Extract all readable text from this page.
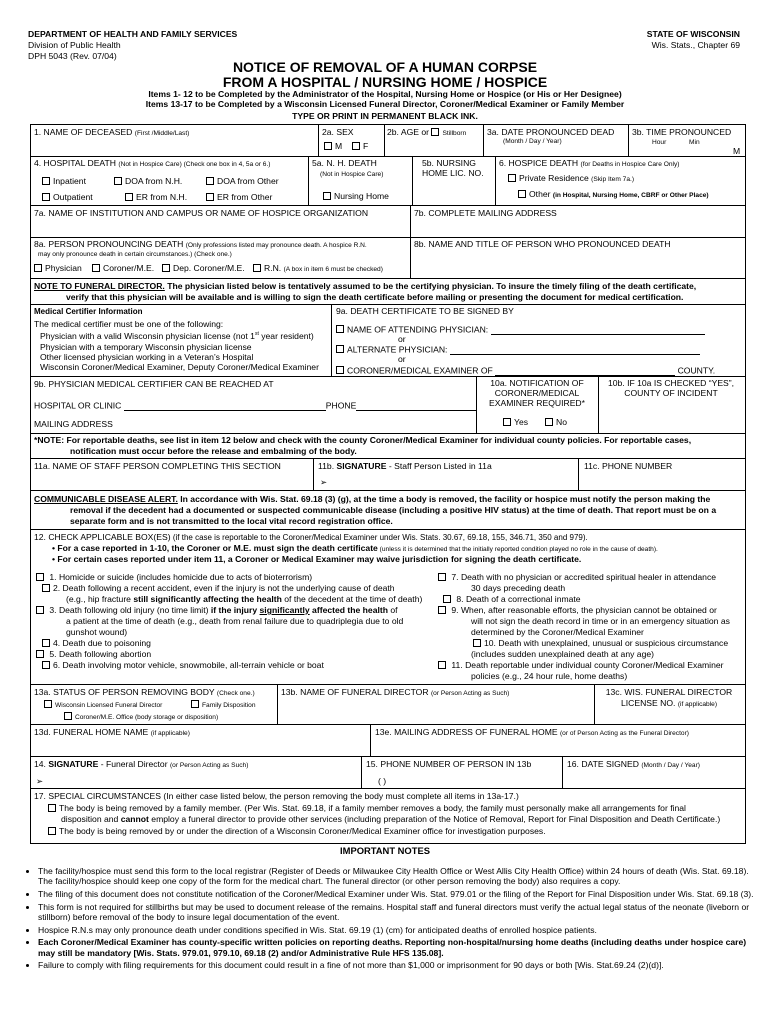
DEPARTMENT OF HEALTH AND FAMILY SERVICES
Division of Public Health
DPH 5043 (Rev. 07/04)
STATE OF WISCONSIN
Wis. Stats., Chapter 69
NOTICE OF REMOVAL OF A HUMAN CORPSE
FROM A HOSPITAL / NURSING HOME / HOSPICE
Items 1- 12 to be Completed by the Administrator of the Hospital, Nursing Home or Hospice (or His or Her Designee)
Items 13-17 to be Completed by a Wisconsin Licensed Funeral Director, Coroner/Medical Examiner or Family Member
TYPE OR PRINT IN PERMANENT BLACK INK.
1. NAME OF DECEASED (First /Middle/Last)	2a. SEX
M	F
2b. AGE or Stillborn 3a. DATE PRONOUNCED DEAD
(Month / Day / Year)
3b. TIME PRONOUNCED
Hour	Min
M
4. HOSPITAL DEATH (Not in Hospice Care) (Check one box in 4, 5a or 6.)
Inpatient	DOA from N.H.	DOA from Other
Outpatient	ER from N.H.	ER from Other
5a. N. H. DEATH
(Not in Hospice Care)
Nursing Home
5b. NURSING
HOME LIC. NO.
6. HOSPICE DEATH (for Deaths in Hospice Care Only)
Private Residence (Skip Item 7a.)
Other (in Hospital, Nursing Home, CBRF or Other Place)
7a. NAME OF INSTITUTION AND CAMPUS OR NAME OF HOSPICE ORGANIZATION	7b. COMPLETE MAILING ADDRESS
8a. PERSON PRONOUNCING DEATH (Only professions listed may pronounce death. A hospice R.N.
may only pronounce death in certain circumstances.) (Check one.)
Physician	Coroner/M.E.	Dep. Coroner/M.E.	R.N. (A box in item 6 must be checked)
8b. NAME AND TITLE OF PERSON WHO PRONOUNCED DEATH
NOTE TO FUNERAL DIRECTOR. The physician listed below is tentatively assumed to be the certifying physician. To insure the timely filing of the death certificate,
verify that this physician will be available and is willing to sign the death certificate before mailing or presenting the document for medical certification.
Medical Certifier Information
The medical certifier must be one of the following:
Physician with a valid Wisconsin physician license (not 1st year resident)
Physician with a temporary Wisconsin physician license
Other licensed physician working in a Veteran’s Hospital
Wisconsin Coroner/Medical Examiner, Deputy Coroner/Medical Examiner
9a. DEATH CERTIFICATE TO BE SIGNED BY
NAME OF ATTENDING PHYSICIAN:
or
ALTERNATE PHYSICIAN:
or
CORONER/MEDICAL EXAMINER OF	COUNTY.
9b. PHYSICIAN MEDICAL CERTIFIER CAN BE REACHED AT
HOSPITAL OR CLINIC	PHONE
MAILING ADDRESS
10a. NOTIFICATION OF
CORONER/MEDICAL
EXAMINER REQUIRED*
Yes	No
10b. IF 10a IS CHECKED “YES”,
COUNTY OF INCIDENT
*NOTE: For reportable deaths, see list in item 12 below and check with the county Coroner/Medical Examiner for individual county policies. For reportable cases,
notification must occur before the release and embalming of the body.
11a. NAME OF STAFF PERSON COMPLETING THIS SECTION	11b. SIGNATURE - Staff Person Listed in 11a
➢
11c. PHONE NUMBER
COMMUNICABLE DISEASE ALERT. In accordance with Wis. Stat. 69.18 (3) (g), at the time a body is removed, the facility or hospice must notify the person making the
removal if the decedent had a documented or suspected communicable disease (including a positive HIV status) at the time of death. That report must be on a
separate form and is not transmitted to the local vital record registration office.
12. CHECK APPLICABLE BOX(ES) (if the case is reportable to the Coroner/Medical Examiner under Wis. Stats. 30.67, 69.18, 155, 346.71, 350 and 979).
• For a case reported in 1-10, the Coroner or M.E. must sign the death certificate (unless it is determined that the initially reported condition played no role in the cause of death).
• For certain cases reported under item 11, a Coroner or Medical Examiner may waive jurisdiction for signing the death certificate.
1. Homicide or suicide (includes homicide due to acts of bioterrorism)
2. Death following a recent accident, even if the injury is not the underlying cause of death
(e.g., hip fracture still significantly affecting the health of the decedent at the time of death)
3. Death following old injury (no time limit) if the injury significantly affected the health of
a patient at the time of death (e.g., death from renal failure due to quadriplegia due to old
gunshot wound)
4. Death due to poisoning
5. Death following abortion
6. Death involving motor vehicle, snowmobile, all-terrain vehicle or boat
7. Death with no physician or accredited spiritual healer in attendance
30 days preceding death
8. Death of a correctional inmate
9. When, after reasonable efforts, the physician cannot be obtained or
will not sign the death record in time or in an emergency situation as
determined by the Coroner/Medical Examiner
10. Death with unexplained, unusual or suspicious circumstance
(includes sudden unexplained death at any age)
11. Death reportable under individual county Coroner/Medical Examiner
policies (e.g., 24 hour rule, home deaths)
13a. STATUS OF PERSON REMOVING BODY (Check one.)
Wisconsin Licensed Funeral Director	Family Disposition
Coroner/M.E. Office (body storage or disposition)
13b. NAME OF FUNERAL DIRECTOR (or Person Acting as Such)	13c. WIS. FUNERAL DIRECTOR
LICENSE NO. (if applicable)
13d. FUNERAL HOME NAME (if applicable)	13e. MAILING ADDRESS OF FUNERAL HOME (or of Person Acting as the Funeral Director)
14. SIGNATURE - Funeral Director (or Person Acting as Such)
➢
15. PHONE NUMBER OF PERSON IN 13b
( )
16. DATE SIGNED (Month / Day / Year)
17. SPECIAL CIRCUMSTANCES (In either case listed below, the person removing the body must complete all items in 13a-17.)
The body is being removed by a family member. (Per Wis. Stat. 69.18, if a family member removes a body, the family must personally make all arrangements for final
disposition and cannot employ a funeral director to provide other services (including preparation of the Notice of Removal, Report for Final Disposition and Death Certificate.)
The body is being removed by or under the direction of a Wisconsin Coroner/Medical Examiner office for investigation purposes.
IMPORTANT NOTES
• The facility/hospice must send this form to the local registrar (Register of Deeds or Milwaukee City Health Office or West Allis City Health Office) within 24 hours of death (Wis. Stat. 69.18). The facility/hospice should keep one copy of the form for the medical chart. The funeral director (or other person removing the body) also requires a copy.
• The filing of this document does not constitute notification of the Coroner/Medical Examiner under Wis. Stat. 979.01 or the filing of the Report for Final Disposition under Wis. Stat. 69.18 (3).
• This form is not required for stillbirths but may be used to document release of the remains. Hospital staff and funeral directors must verify the actual legal status of the neonate (liveborn or stillborn) before removal of the body to insure legal documentation of the event.
• Hospice R.N.s may only pronounce death under conditions specified in Wis. Stat. 69.19 (1) (cm) for anticipated deaths of enrolled hospice patients.
• Each Coroner/Medical Examiner has county-specific written policies on reporting deaths. Reporting non-hospital/nursing home deaths (including deaths under hospice care) may still be mandatory [Wis. Stats. 979.01, 979.10, 69.18 (2) and/or Administrative Rule HFS 135.08].
• Failure to comply with filing requirements for this document could result in a fine of not more than $1,000 or imprisonment for 90 days or both [Wis. Stat.69.24 (2)(d)].
